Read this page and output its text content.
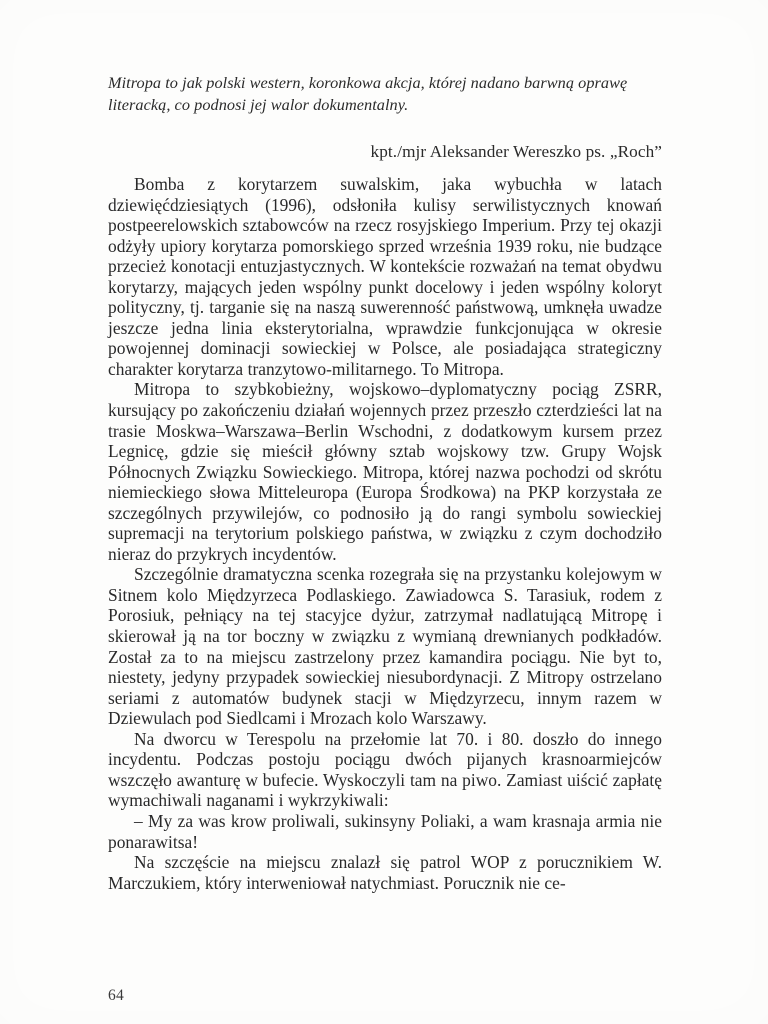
Mitropa to jak polski western, koronkowa akcja, której nadano barwną oprawę literacką, co podnosi jej walor dokumentalny.

kpt./mjr Aleksander Wereszko ps. „Roch”

Bomba z korytarzem suwalskim, jaka wybuchła w latach dziewięćdziesiątych (1996), odsłoniła kulisy serwilistycznych knowań postpeerelowskich sztabowców na rzecz rosyjskiego Imperium. Przy tej okazji odżyły upiory korytarza pomorskiego sprzed września 1939 roku, nie budzące przecież konotacji entuzjastycznych. W kontekście rozważań na temat obydwu korytarzy, mających jeden wspólny punkt docelowy i jeden wspólny koloryt polityczny, tj. targanie się na naszą suwerenność państwową, umknęła uwadze jeszcze jedna linia eksterytorialna, wprawdzie funkcjonująca w okresie powojennej dominacji sowieckiej w Polsce, ale posiadająca strategiczny charakter korytarza tranzytowo-militarnego. To Mitropa.

Mitropa to szybkobieżny, wojskowo–dyplomatyczny pociąg ZSRR, kursujący po zakończeniu działań wojennych przez przeszło czterdzieści lat na trasie Moskwa–Warszawa–Berlin Wschodni, z dodatkowym kursem przez Legnicę, gdzie się mieścił główny sztab wojskowy tzw. Grupy Wojsk Północnych Związku Sowieckiego. Mitropa, której nazwa pochodzi od skrótu niemieckiego słowa Mitteleuropa (Europa Środkowa) na PKP korzystała ze szczególnych przywilejów, co podnosiło ją do rangi symbolu sowieckiej supremacji na terytorium polskiego państwa, w związku z czym dochodziło nieraz do przykrych incydentów.

Szczególnie dramatyczna scenka rozegrała się na przystanku kolejowym w Sitnem kolo Międzyrzeca Podlaskiego. Zawiadowca S. Tarasiuk, rodem z Porosiuk, pełniący na tej stacyjce dyżur, zatrzymał nadlatującą Mitropę i skierował ją na tor boczny w związku z wymianą drewnianych podkładów. Został za to na miejscu zastrzelony przez kamandira pociągu. Nie byt to, niestety, jedyny przypadek sowieckiej niesubordynacji. Z Mitropy ostrzelano seriami z automatów budynek stacji w Międzyrzecu, innym razem w Dziewulach pod Siedlcami i Mrozach kolo Warszawy.

Na dworcu w Terespolu na przełomie lat 70. i 80. doszło do innego incydentu. Podczas postoju pociągu dwóch pijanych krasnoarmiejców wszczęło awanturę w bufecie. Wyskoczyli tam na piwo. Zamiast uiścić zapłatę wymachiwali naganami i wykrzykiwali:

– My za was krow proliwali, sukinsyny Poliaki, a wam krasnaja armia nie ponarawitsa!

Na szczęście na miejscu znalazł się patrol WOP z porucznikiem W. Marczukiem, który interweniował natychmiast. Porucznik nie ce-

64
